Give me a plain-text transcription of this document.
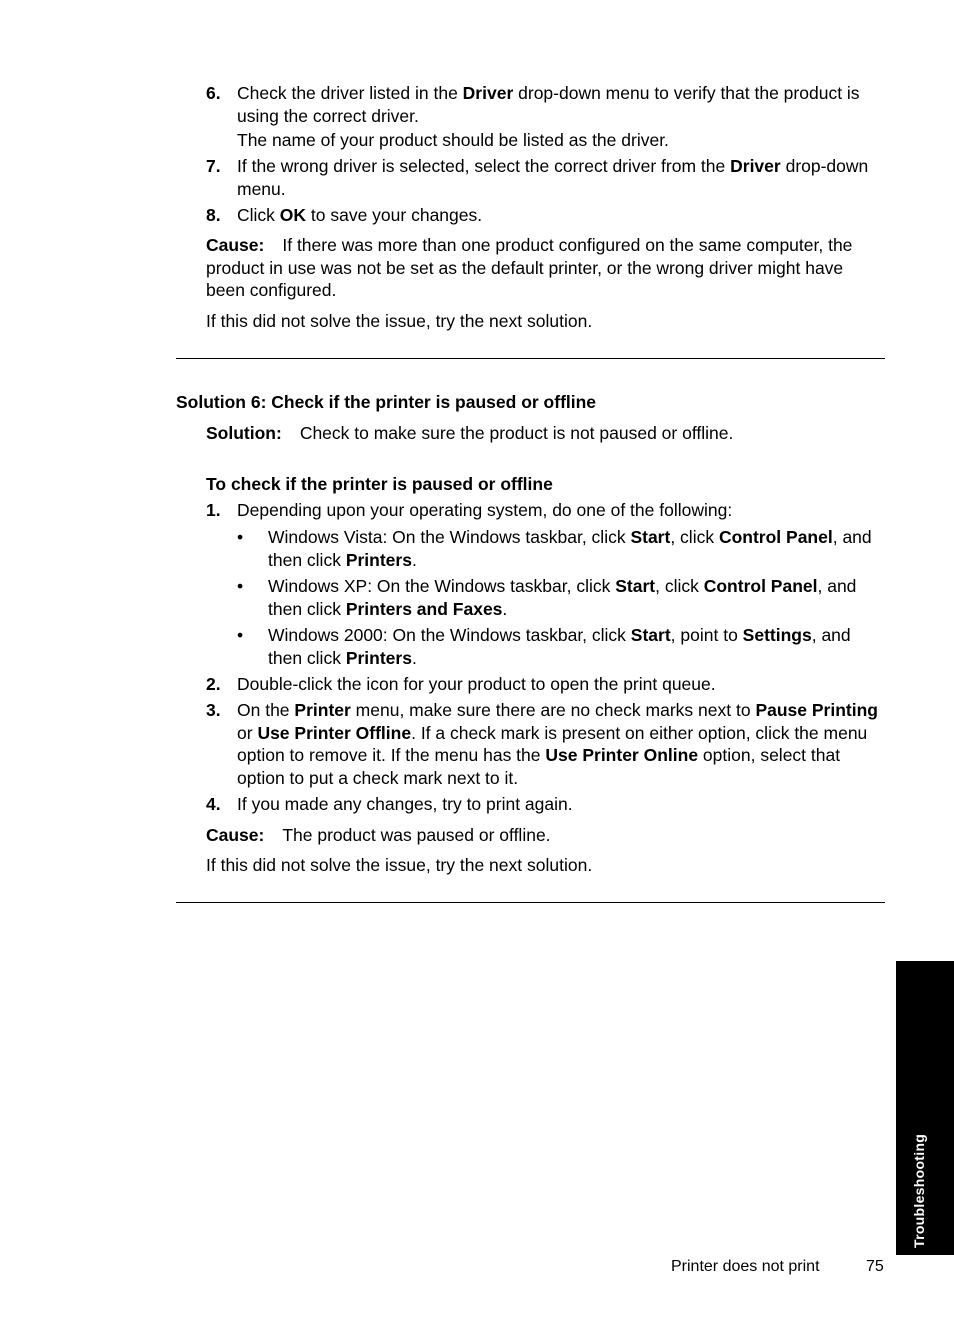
6. Check the driver listed in the Driver drop-down menu to verify that the product is using the correct driver.
The name of your product should be listed as the driver.
7. If the wrong driver is selected, select the correct driver from the Driver drop-down menu.
8. Click OK to save your changes.
Cause: If there was more than one product configured on the same computer, the product in use was not be set as the default printer, or the wrong driver might have been configured.
If this did not solve the issue, try the next solution.
Solution 6: Check if the printer is paused or offline
Solution: Check to make sure the product is not paused or offline.
To check if the printer is paused or offline
1. Depending upon your operating system, do one of the following:
• Windows Vista: On the Windows taskbar, click Start, click Control Panel, and then click Printers.
• Windows XP: On the Windows taskbar, click Start, click Control Panel, and then click Printers and Faxes.
• Windows 2000: On the Windows taskbar, click Start, point to Settings, and then click Printers.
2. Double-click the icon for your product to open the print queue.
3. On the Printer menu, make sure there are no check marks next to Pause Printing or Use Printer Offline. If a check mark is present on either option, click the menu option to remove it. If the menu has the Use Printer Online option, select that option to put a check mark next to it.
4. If you made any changes, try to print again.
Cause: The product was paused or offline.
If this did not solve the issue, try the next solution.
Troubleshooting
Printer does not print	75
